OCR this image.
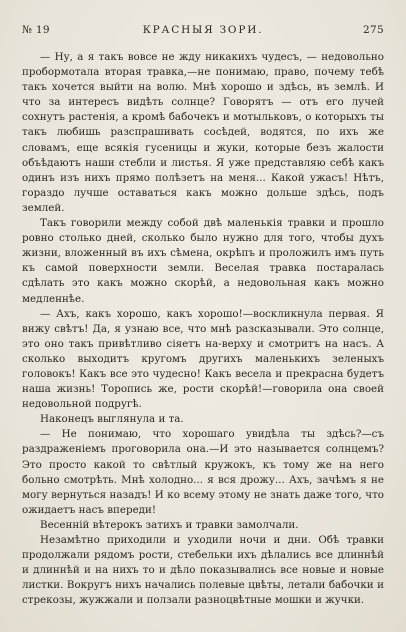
№ 19	КРАСНЫЯ ЗОРИ.	275

— Ну, а я такъ вовсе не жду никакихъ чудесъ, — недовольно пробормотала вторая травка,—не понимаю, право, почему тебѣ такъ хочется выйти на волю. Мнѣ хорошо и здѣсь, въ землѣ. И что за интересъ видѣть солнце? Говорятъ — отъ его лучей сохнутъ растенія, а кромѣ бабочекъ и мотыльковъ, о которыхъ ты такъ любишь разспрашивать сосѣдей, водятся, по ихъ же словамъ, еще всякія гусеницы и жуки, которые безъ жалости объѣдаютъ наши стебли и листья. Я уже представляю себѣ какъ одинъ изъ нихъ прямо полѣзетъ на меня... Какой ужасъ! Нѣтъ, гораздо лучше оставаться какъ можно дольше здѣсь, подъ землей.

Такъ говорили между собой двѣ маленькія травки и прошло ровно столько дней, сколько было нужно для того, чтобы духъ жизни, вложенный въ ихъ сѣмена, окрѣпъ и проложилъ имъ путь къ самой поверхности земли. Веселая травка постаралась сдѣлать это какъ можно скорѣй, а недовольная какъ можно медленнѣе.

— Ахъ, какъ хорошо, какъ хорошо!—воскликнула первая. Я вижу свѣтъ! Да, я узнаю все, что мнѣ разсказывали. Это солнце, это оно такъ привѣтливо сіяетъ на-верху и смотритъ на насъ. А сколько выходитъ кругомъ другихъ маленькихъ зеленыхъ головокъ! Какъ все это чудесно! Какъ весела и прекрасна будетъ наша жизнь! Торопись же, рости скорѣй!—говорила она своей недовольной подругѣ.

Наконецъ выглянула и та.

— Не понимаю, что хорошаго увидѣла ты здѣсь?—съ раздраженіемъ проговорила она.—И это называется солнцемъ? Это просто какой то свѣтлый кружокъ, къ тому же на него больно смотрѣть. Мнѣ холодно... я вся дрожу... Ахъ, зачѣмъ я не могу вернуться назадъ! И ко всему этому не знать даже того, что ожидаетъ насъ впереди!

Весенній вѣтерокъ затихъ и травки замолчали.

Незамѣтно приходили и уходили ночи и дни. Обѣ травки продолжали рядомъ рости, стебельки ихъ дѣлались все длиннѣй и длиннѣй и на нихъ то и дѣло показывались все новые и новые листки. Вокругъ нихъ начались полевые цвѣты, летали бабочки и стрекозы, жужжали и ползали разноцвѣтные мошки и жучки.
